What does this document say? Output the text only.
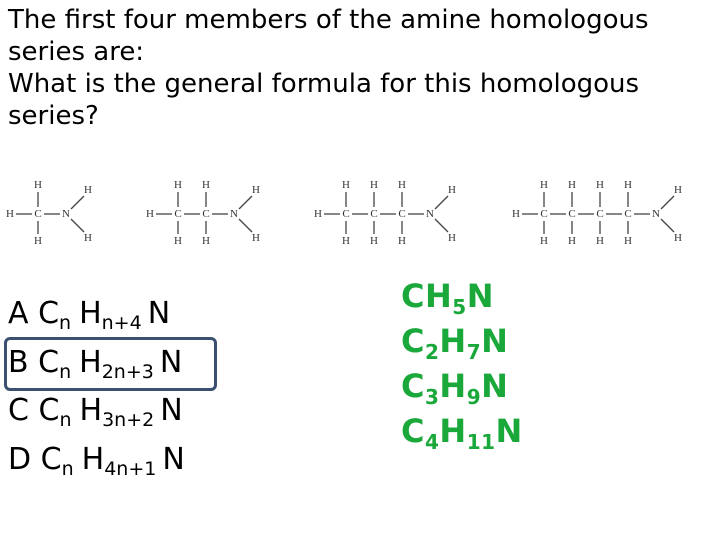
The first four members of the amine homologous series are:

What is the general formula for this homologous series?

H C
H
H
N
H
H
H C
H
H
C
H
H
N
H
H
H C
H
H
C
H
H
C
H
H
N
H
H
H C
H
H
C
H
H
C
H
H
C
H
H
N
H
H
A $C_n$ $H_{n+4}$ N
B $C_n$ $H_{2n+3}$ N
C $C_n$ $H_{3n+2}$ N
D $C_n$ $H_{4n+1}$ N
$CH_5N$
$C_2H_7N$
$C_3H_9N$
$C_4H_{11}N$
